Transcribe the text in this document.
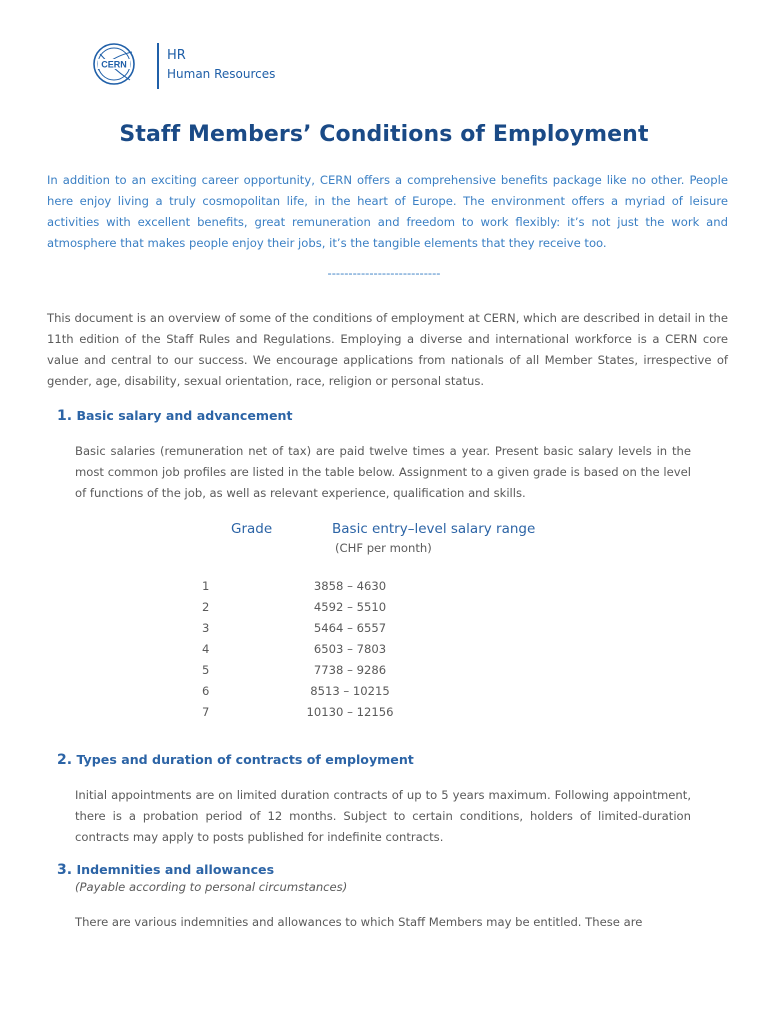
CERN
HR
Human Resources
Staff Members’ Conditions of Employment

In addition to an exciting career opportunity, CERN offers a comprehensive benefits package like no other. People here enjoy living a truly cosmopolitan life, in the heart of Europe. The environment offers a myriad of leisure activities with excellent benefits, great remuneration and freedom to work flexibly: it’s not just the work and atmosphere that makes people enjoy their jobs, it’s the tangible elements that they receive too.

---------------------------

This document is an overview of some of the conditions of employment at CERN, which are described in detail in the 11th edition of the Staff Rules and Regulations. Employing a diverse and international workforce is a CERN core value and central to our success. We encourage applications from nationals of all Member States, irrespective of gender, age, disability, sexual orientation, race, religion or personal status.

1. Basic salary and advancement

Basic salaries (remuneration net of tax) are paid twelve times a year. Present basic salary levels in the most common job profiles are listed in the table below. Assignment to a given grade is based on the level of functions of the job, as well as relevant experience, qualification and skills.

Grade	Basic entry–level salary range
(CHF per month)
1	3858 – 4630
2	4592 – 5510
3	5464 – 6557
4	6503 – 7803
5	7738 – 9286
6	8513 – 10215
7	10130 – 12156
2. Types and duration of contracts of employment

Initial appointments are on limited duration contracts of up to 5 years maximum. Following appointment, there is a probation period of 12 months. Subject to certain conditions, holders of limited-duration contracts may apply to posts published for indefinite contracts.

3. Indemnities and allowances
(Payable according to personal circumstances)

There are various indemnities and allowances to which Staff Members may be entitled. These are
